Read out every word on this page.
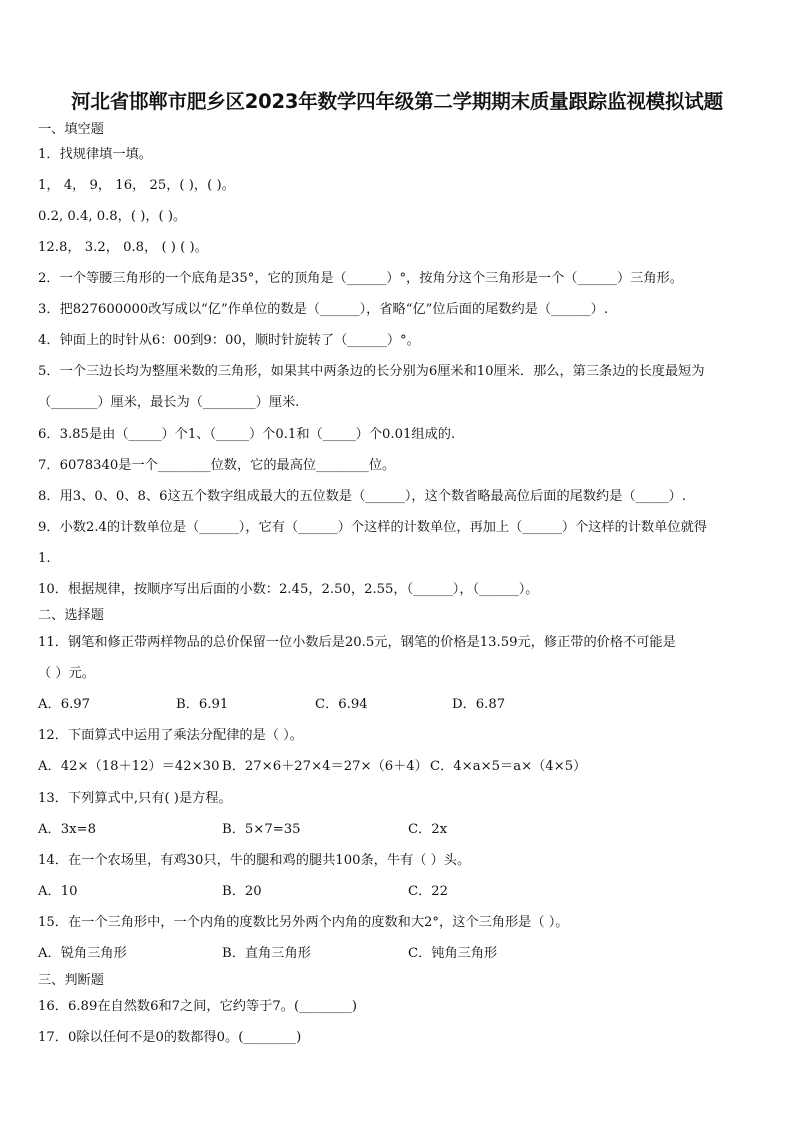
河北省邯郸市肥乡区2023年数学四年级第二学期期末质量跟踪监视模拟试题
一、填空题
1．找规律填一填。
1， 4， 9， 16， 25，( )，( )。
0.2, 0.4, 0.8，( )，( )。
12.8， 3.2， 0.8， ( ) ( )。
2．一个等腰三角形的一个底角是35°，它的顶角是（______）°，按角分这个三角形是一个（______）三角形。
3．把827600000改写成以“亿”作单位的数是（______），省略“亿”位后面的尾数约是（______）.
4．钟面上的时针从6：00到9：00，顺时针旋转了（______）°。
5．一个三边长均为整厘米数的三角形，如果其中两条边的长分别为6厘米和10厘米．那么，第三条边的长度最短为
（_______）厘米，最长为（________）厘米.
6．3.85是由（_____）个1、（_____）个0.1和（_____）个0.01组成的.
7．6078340是一个________位数，它的最高位________位。
8．用3、0、0、8、6这五个数字组成最大的五位数是（______），这个数省略最高位后面的尾数约是（_____）.
9．小数2.4的计数单位是（______），它有（______）个这样的计数单位，再加上（______）个这样的计数单位就得
1.
10．根据规律，按顺序写出后面的小数：2.45，2.50，2.55，（______），（______）。
二、选择题
11．钢笔和修正带两样物品的总价保留一位小数后是20.5元，钢笔的价格是13.59元，修正带的价格不可能是
（ ）元。
A．6.97	B．6.91	C．6.94	D．6.87
12．下面算式中运用了乘法分配律的是（ ）。
A．42×（18＋12）＝42×30 B．27×6＋27×4＝27×（6＋4） C．4×a×5＝a×（4×5）
13．下列算式中,只有( )是方程。
A．3x=8	B．5×7=35	C．2x
14．在一个农场里，有鸡30只，牛的腿和鸡的腿共100条，牛有（ ）头。
A．10	B．20	C．22
15．在一个三角形中，一个内角的度数比另外两个内角的度数和大2°，这个三角形是（ ）。
A．锐角三角形	B．直角三角形	C．钝角三角形
三、判断题
16．6.89在自然数6和7之间，它约等于7。(________)
17．0除以任何不是0的数都得0。(________)
